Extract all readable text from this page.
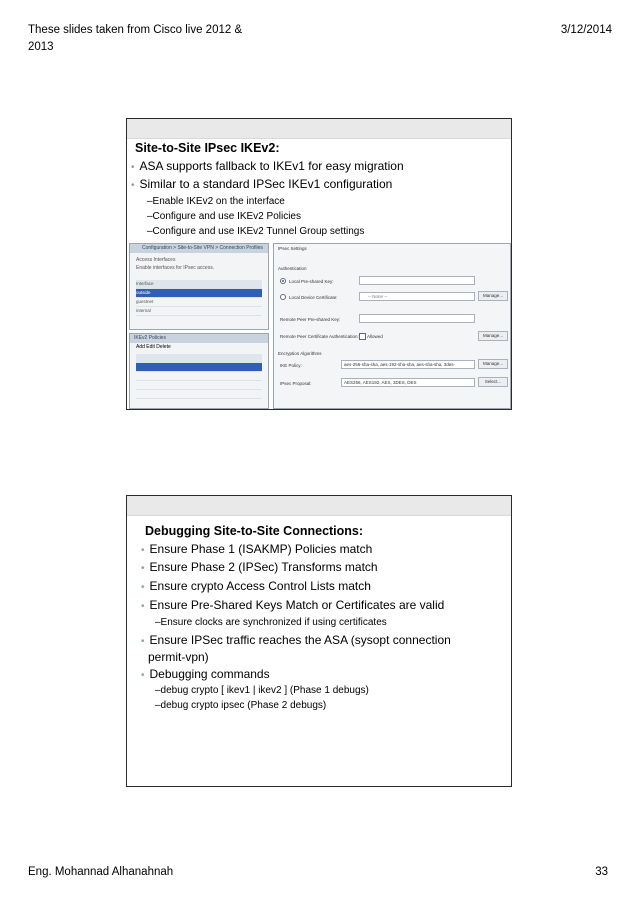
These slides taken from Cisco live 2012 &
2013
3/12/2014
Site-to-Site IPsec IKEv2:
• ASA supports fallback to IKEv1 for easy migration
• Similar to a standard IPSec IKEv1 configuration
–Enable IKEv2 on the interface
–Configure and use IKEv2 Policies
–Configure and use IKEv2 Tunnel Group settings
Configuration > Site-to-Site VPN > Connection Profiles
Access Interfaces
Enable interfaces for IPsec access.
Interface
outside
guestnet
internal
IKEv2 Policies
Add Edit Delete
IPsec Settings
Authentication
Local Pre-shared Key:
Local Device Certificate:	-- None --	Manage...
Remote Peer Pre-shared Key:
Remote Peer Certificate Authentication: Allowed	Manage...
Encryption Algorithms
IKE Policy:	aes-256-sha-sha, aes-192-sha-sha, aes-sha-sha, 3des-	Manage...
IPsec Proposal:	AES256, AES192, AES, 3DES, DES	Select...
Debugging Site-to-Site Connections:
• Ensure Phase 1 (ISAKMP) Policies match
• Ensure Phase 2 (IPSec) Transforms match
• Ensure crypto Access Control Lists match
• Ensure Pre-Shared Keys Match or Certificates are valid
–Ensure clocks are synchronized if using certificates
• Ensure IPSec traffic reaches the ASA (sysopt connection
permit-vpn)
• Debugging commands
–debug crypto [ ikev1 | ikev2 ] (Phase 1 debugs)
–debug crypto ipsec (Phase 2 debugs)
Eng. Mohannad Alhanahnah	33
